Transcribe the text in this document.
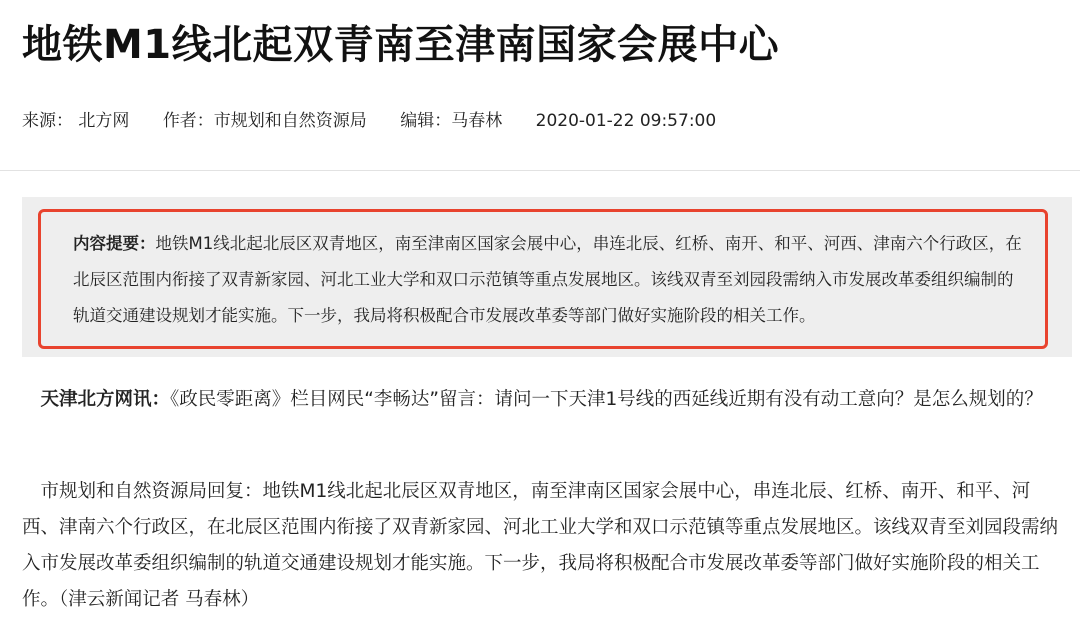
地铁M1线北起双青南至津南国家会展中心
来源： 北方网 作者：市规划和自然资源局 编辑：马春林 2020-01-22 09:57:00

内容提要：地铁M1线北起北辰区双青地区，南至津南区国家会展中心，串连北辰、红桥、南开、和平、河西、津南六个行政区，在北辰区范围内衔接了双青新家园、河北工业大学和双口示范镇等重点发展地区。该线双青至刘园段需纳入市发展改革委组织编制的轨道交通建设规划才能实施。下一步，我局将积极配合市发展改革委等部门做好实施阶段的相关工作。

　天津北方网讯：《政民零距离》栏目网民“李畅达”留言：请问一下天津1号线的西延线近期有没有动工意向？是怎么规划的？

　市规划和自然资源局回复：地铁M1线北起北辰区双青地区，南至津南区国家会展中心，串连北辰、红桥、南开、和平、河西、津南六个行政区，在北辰区范围内衔接了双青新家园、河北工业大学和双口示范镇等重点发展地区。该线双青至刘园段需纳入市发展改革委组织编制的轨道交通建设规划才能实施。下一步，我局将积极配合市发展改革委等部门做好实施阶段的相关工作。（津云新闻记者 马春林）
